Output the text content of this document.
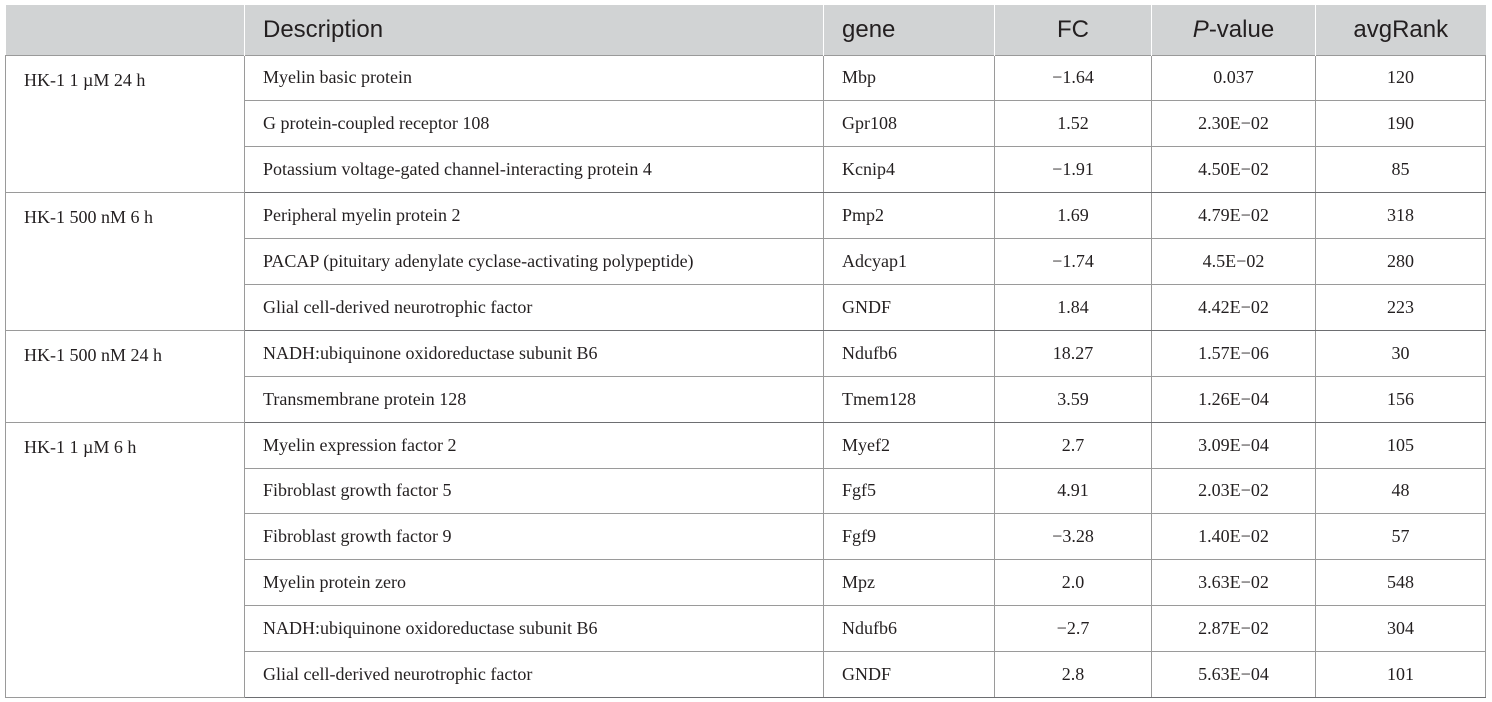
	Description	gene	FC	P-value	avgRank
HK-1 1 µM 24 h	Myelin basic protein	Mbp	−1.64	0.037	120
	G protein-coupled receptor 108	Gpr108	1.52	2.30E−02	190
	Potassium voltage-gated channel-interacting protein 4	Kcnip4	−1.91	4.50E−02	85
HK-1 500 nM 6 h	Peripheral myelin protein 2	Pmp2	1.69	4.79E−02	318
	PACAP (pituitary adenylate cyclase-activating polypeptide)	Adcyap1	−1.74	4.5E−02	280
	Glial cell-derived neurotrophic factor	GNDF	1.84	4.42E−02	223
HK-1 500 nM 24 h	NADH:ubiquinone oxidoreductase subunit B6	Ndufb6	18.27	1.57E−06	30
	Transmembrane protein 128	Tmem128	3.59	1.26E−04	156
HK-1 1 µM 6 h	Myelin expression factor 2	Myef2	2.7	3.09E−04	105
	Fibroblast growth factor 5	Fgf5	4.91	2.03E−02	48
	Fibroblast growth factor 9	Fgf9	−3.28	1.40E−02	57
	Myelin protein zero	Mpz	2.0	3.63E−02	548
	NADH:ubiquinone oxidoreductase subunit B6	Ndufb6	−2.7	2.87E−02	304
	Glial cell-derived neurotrophic factor	GNDF	2.8	5.63E−04	101
